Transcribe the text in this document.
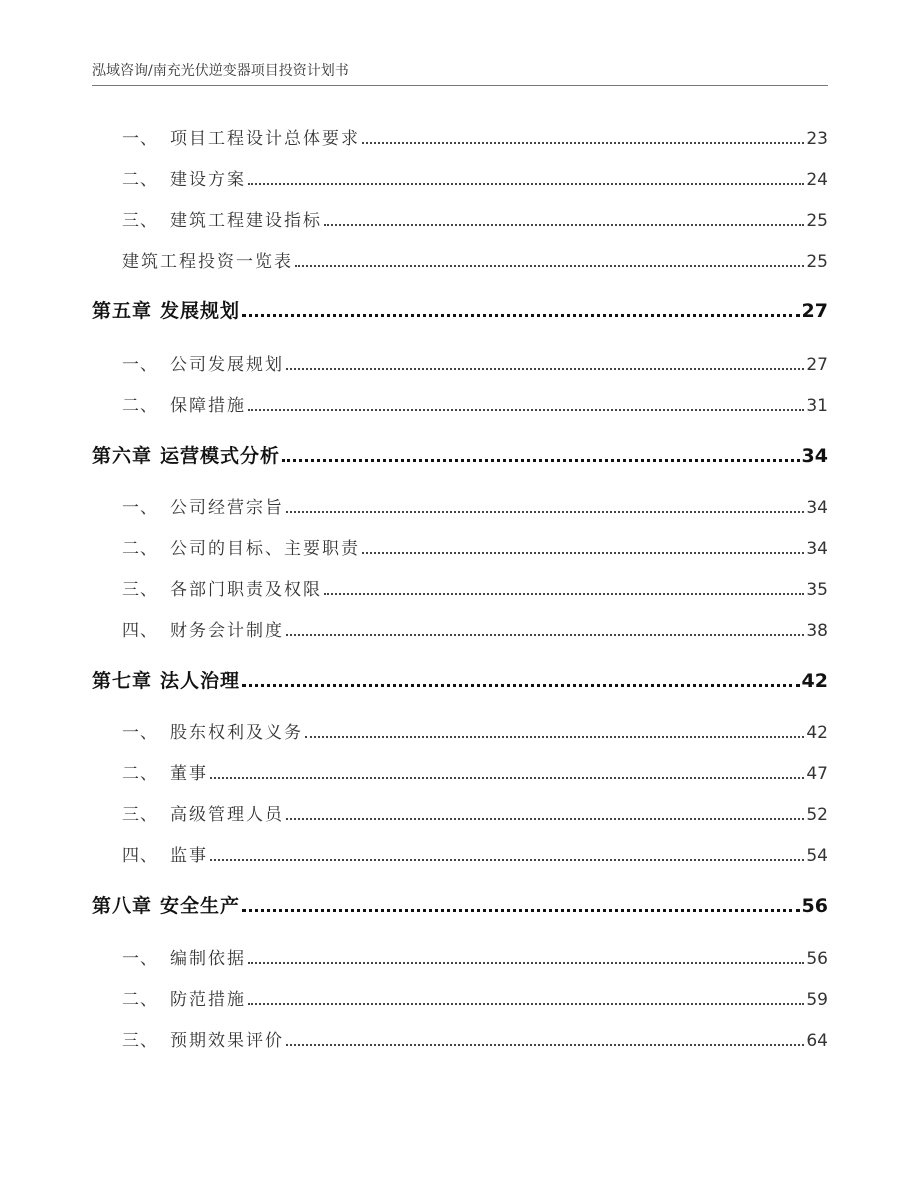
泓域咨询/南充光伏逆变器项目投资计划书
一、 项目工程设计总体要求	23
二、 建设方案	24
三、 建筑工程建设指标	25
建筑工程投资一览表	25
第五章 发展规划	27
一、 公司发展规划	27
二、 保障措施	31
第六章 运营模式分析	34
一、 公司经营宗旨	34
二、 公司的目标、主要职责	34
三、 各部门职责及权限	35
四、 财务会计制度	38
第七章 法人治理	42
一、 股东权利及义务	42
二、 董事	47
三、 高级管理人员	52
四、 监事	54
第八章 安全生产	56
一、 编制依据	56
二、 防范措施	59
三、 预期效果评价	64
